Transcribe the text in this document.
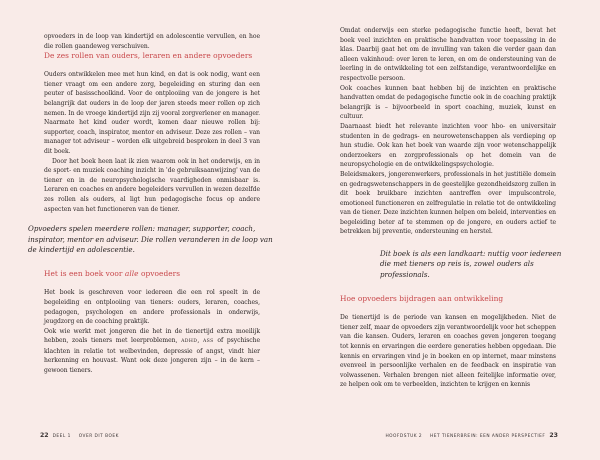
opvoeders in de loop van kindertijd en adolescentie vervullen, en hoe die rollen gaandeweg verschuiven.

De zes rollen van ouders, leraren en andere opvoeders

Ouders ontwikkelen mee met hun kind, en dat is ook nodig, want een tiener vraagt om een andere zorg, begeleiding en sturing dan een peuter of basisschoolkind. Voor de ontplooiing van de jongere is het belangrijk dat ouders in de loop der jaren steeds meer rollen op zich nemen. In de vroege kindertijd zijn zij vooral zorgverlener en manager. Naarmate het kind ouder wordt, komen daar nieuwe rollen bij: supporter, coach, inspirator, mentor en adviseur. Deze zes rollen – van manager tot adviseur – worden elk uitgebreid besproken in deel 3 van dit boek.

Door het boek heen laat ik zien waarom ook in het onderwijs, en in de sport- en muziek coaching inzicht in 'de gebruiksaanwijzing' van de tiener en in de neuropsychologische vaardigheden onmisbaar is. Leraren en coaches en andere begeleiders vervullen in wezen dezelfde zes rollen als ouders, al ligt hun pedagogische focus op andere aspecten van het functioneren van de tiener.

Opvoeders spelen meerdere rollen: manager, supporter, coach, inspirator, mentor en adviseur. Die rollen veranderen in de loop van de kindertijd en adolescentie.
Het is een boek voor alle opvoeders

Het boek is geschreven voor iedereen die een rol speelt in de begeleiding en ontplooiing van tieners: ouders, leraren, coaches, pedagogen, psychologen en andere professionals in onderwijs, jeugdzorg en de coaching praktijk.

Ook wie werkt met jongeren die het in de tienertijd extra moeilijk hebben, zoals tieners met leerproblemen, ADHD, ASS of psychische klachten in relatie tot welbevinden, depressie of angst, vindt hier herkenning en houvast. Want ook deze jongeren zijn – in de kern – gewoon tieners.

22 DEEL 1 OVER DIT BOEK

Omdat onderwijs een sterke pedagogische functie heeft, bevat het boek veel inzichten en praktische handvatten voor toepassing in de klas. Daarbij gaat het om de invulling van taken die verder gaan dan alleen vakinhoud: over leren te leren, en om de ondersteuning van de leerling in de ontwikkeling tot een zelfstandige, verantwoordelijke en respectvolle persoon.

Ook coaches kunnen baat hebben bij de inzichten en praktische handvatten omdat de pedagogische functie ook in de coaching praktijk belangrijk is – bijvoorbeeld in sport coaching, muziek, kunst en cultuur.

Daarnaast biedt het relevante inzichten voor hbo- en universitair studenten in de gedrags- en neurowetenschappen als verdieping op hun studie. Ook kan het boek van waarde zijn voor wetenschappelijk onderzoekers en zorgprofessionals op het domein van de neuropsychologie en de ontwikkelingspsychologie.

Beleidsmakers, jongerenwerkers, professionals in het justitiële domein en gedragswetenschappers in de geestelijke gezondheidszorg zullen in dit boek bruikbare inzichten aantreffen over impulscontrole, emotioneel functioneren en zelfregulatie in relatie tot de ontwikkeling van de tiener. Deze inzichten kunnen helpen om beleid, interventies en begeleiding beter af te stemmen op de jongere, en ouders actief te betrekken bij preventie, ondersteuning en herstel.

Dit boek is als een landkaart: nuttig voor iedereen die met tieners op reis is, zowel ouders als professionals.
Hoe opvoeders bijdragen aan ontwikkeling

De tienertijd is de periode van kansen en mogelijkheden. Niet de tiener zelf, maar de opvoeders zijn verantwoordelijk voor het scheppen van die kansen. Ouders, leraren en coaches geven jongeren toegang tot kennis en ervaringen die eerdere generaties hebben opgedaan. Die kennis en ervaringen vind je in boeken en op internet, maar minstens evenveel in persoonlijke verhalen en de feedback en inspiratie van volwassenen. Verhalen brengen niet alleen feitelijke informatie over, ze helpen ook om te verbeelden, inzichten te krijgen en kennis

HOOFDSTUK 2 HET TIENERBREIN: EEN ANDER PERSPECTIEF 23
